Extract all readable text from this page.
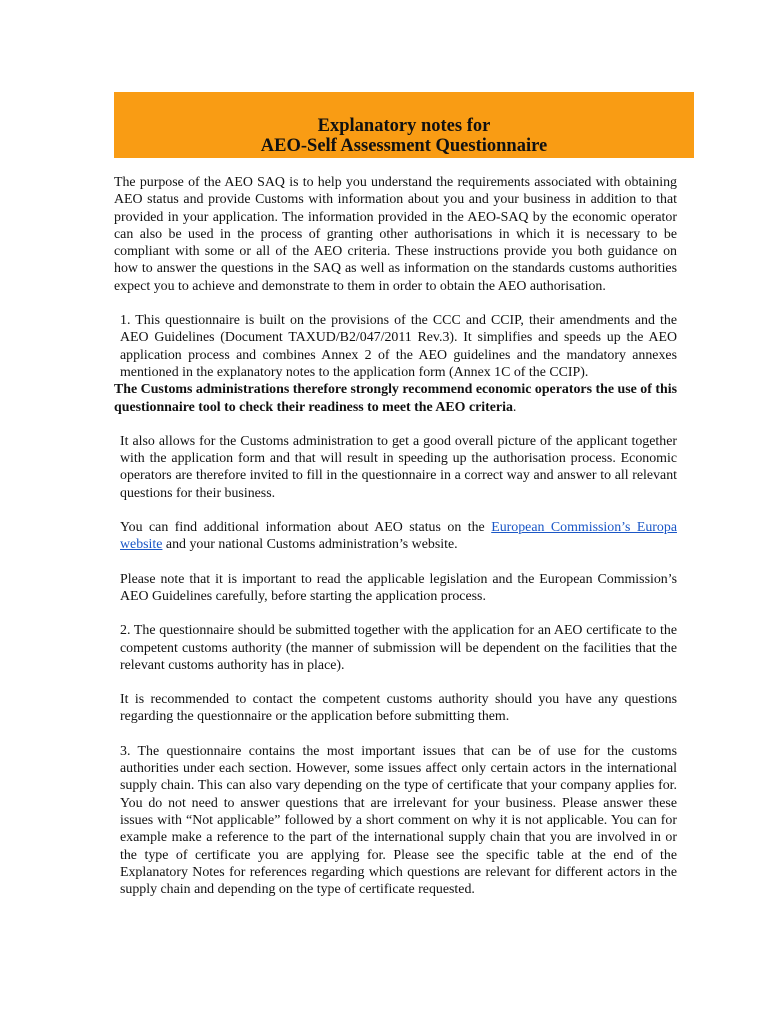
Explanatory notes for
AEO-Self Assessment Questionnaire

The purpose of the AEO SAQ is to help you understand the requirements associated with obtaining AEO status and provide Customs with information about you and your business in addition to that provided in your application. The information provided in the AEO-SAQ by the economic operator can also be used in the process of granting other authorisations in which it is necessary to be compliant with some or all of the AEO criteria. These instructions provide you both guidance on how to answer the questions in the SAQ as well as information on the standards customs authorities expect you to achieve and demonstrate to them in order to obtain the AEO authorisation.

1. This questionnaire is built on the provisions of the CCC and CCIP, their amendments and the AEO Guidelines (Document TAXUD/B2/047/2011 Rev.3). It simplifies and speeds up the AEO application process and combines Annex 2 of the AEO guidelines and the mandatory annexes mentioned in the explanatory notes to the application form (Annex 1C of the CCIP).

The Customs administrations therefore strongly recommend economic operators the use of this questionnaire tool to check their readiness to meet the AEO criteria.

It also allows for the Customs administration to get a good overall picture of the applicant together with the application form and that will result in speeding up the authorisation process. Economic operators are therefore invited to fill in the questionnaire in a correct way and answer to all relevant questions for their business.

You can find additional information about AEO status on the European Commission’s Europa website and your national Customs administration’s website.

Please note that it is important to read the applicable legislation and the European Commission’s AEO Guidelines carefully, before starting the application process.

2. The questionnaire should be submitted together with the application for an AEO certificate to the competent customs authority (the manner of submission will be dependent on the facilities that the relevant customs authority has in place).

It is recommended to contact the competent customs authority should you have any questions regarding the questionnaire or the application before submitting them.

3. The questionnaire contains the most important issues that can be of use for the customs authorities under each section. However, some issues affect only certain actors in the international supply chain. This can also vary depending on the type of certificate that your company applies for. You do not need to answer questions that are irrelevant for your business. Please answer these issues with “Not applicable” followed by a short comment on why it is not applicable. You can for example make a reference to the part of the international supply chain that you are involved in or the type of certificate you are applying for. Please see the specific table at the end of the Explanatory Notes for references regarding which questions are relevant for different actors in the supply chain and depending on the type of certificate requested.
